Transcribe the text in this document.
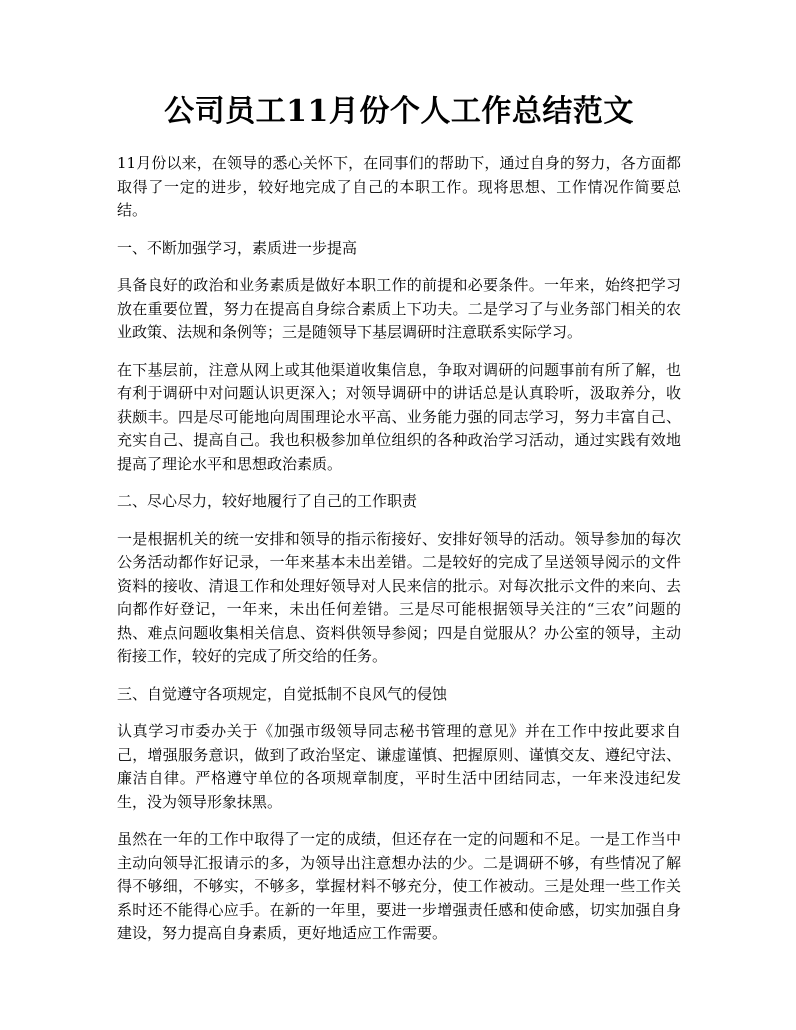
公司员工11月份个人工作总结范文

11月份以来，在领导的悉心关怀下，在同事们的帮助下，通过自身的努力，各方面都取得了一定的进步，较好地完成了自己的本职工作。现将思想、工作情况作简要总结。

一、不断加强学习，素质进一步提高

具备良好的政治和业务素质是做好本职工作的前提和必要条件。一年来，始终把学习放在重要位置，努力在提高自身综合素质上下功夫。二是学习了与业务部门相关的农业政策、法规和条例等；三是随领导下基层调研时注意联系实际学习。

在下基层前，注意从网上或其他渠道收集信息，争取对调研的问题事前有所了解，也有利于调研中对问题认识更深入；对领导调研中的讲话总是认真聆听，汲取养分，收获颇丰。四是尽可能地向周围理论水平高、业务能力强的同志学习，努力丰富自己、充实自己、提高自己。我也积极参加单位组织的各种政治学习活动，通过实践有效地提高了理论水平和思想政治素质。

二、尽心尽力，较好地履行了自己的工作职责

一是根据机关的统一安排和领导的指示衔接好、安排好领导的活动。领导参加的每次公务活动都作好记录，一年来基本未出差错。二是较好的完成了呈送领导阅示的文件资料的接收、清退工作和处理好领导对人民来信的批示。对每次批示文件的来向、去向都作好登记，一年来，未出任何差错。三是尽可能根据领导关注的“三农”问题的热、难点问题收集相关信息、资料供领导参阅；四是自觉服从？办公室的领导，主动衔接工作，较好的完成了所交给的任务。

三、自觉遵守各项规定，自觉抵制不良风气的侵蚀

认真学习市委办关于《加强市级领导同志秘书管理的意见》并在工作中按此要求自己，增强服务意识，做到了政治坚定、谦虚谨慎、把握原则、谨慎交友、遵纪守法、廉洁自律。严格遵守单位的各项规章制度，平时生活中团结同志，一年来没违纪发生，没为领导形象抹黑。

虽然在一年的工作中取得了一定的成绩，但还存在一定的问题和不足。一是工作当中主动向领导汇报请示的多，为领导出注意想办法的少。二是调研不够，有些情况了解得不够细，不够实，不够多，掌握材料不够充分，使工作被动。三是处理一些工作关系时还不能得心应手。在新的一年里，要进一步增强责任感和使命感，切实加强自身建设，努力提高自身素质，更好地适应工作需要。
